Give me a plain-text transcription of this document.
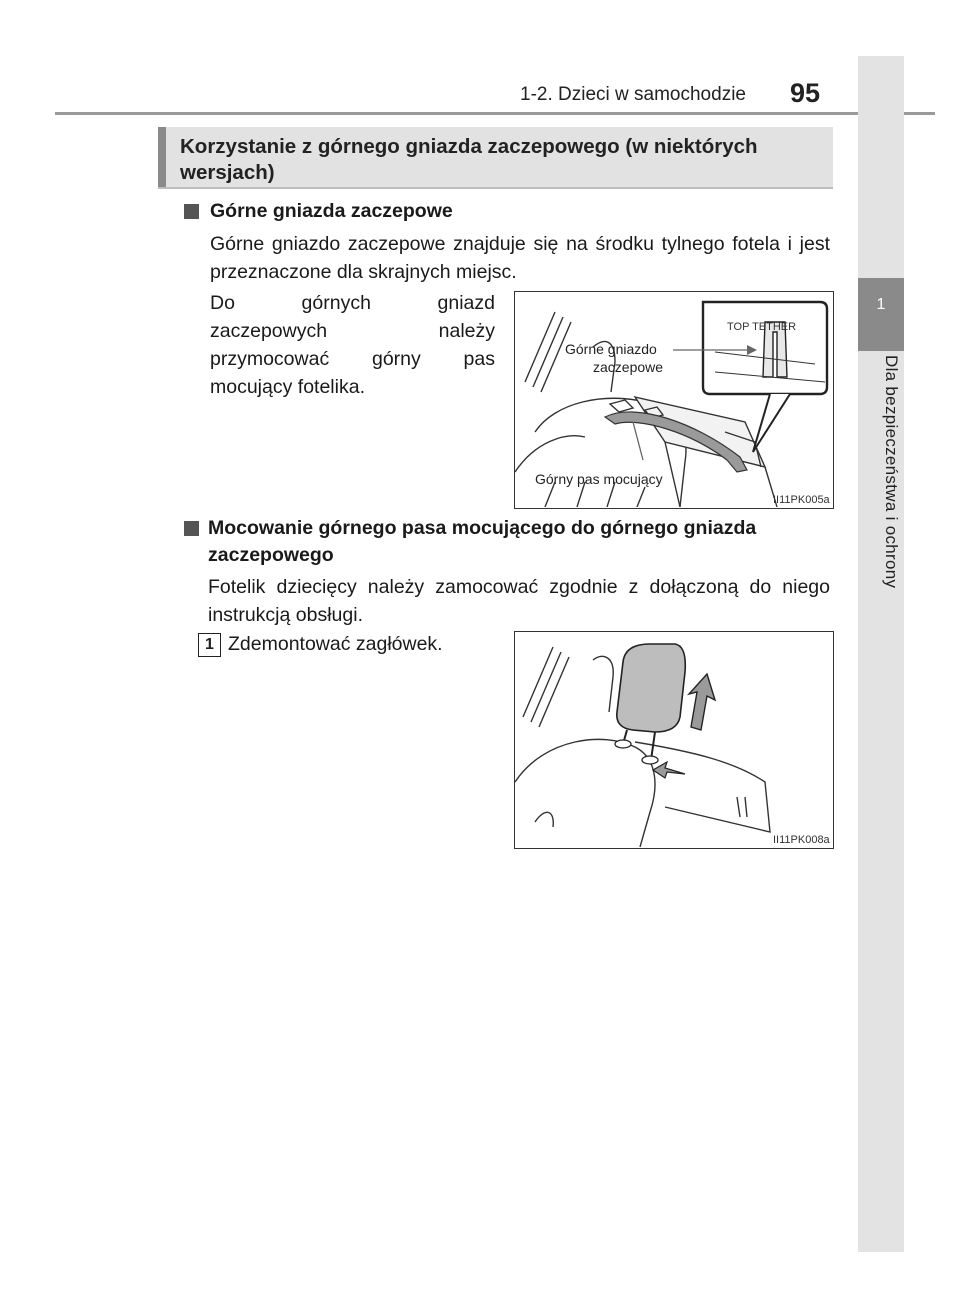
1-2. Dzieci w samochodzie 95
1
Dla bezpieczeństwa i ochrony
Korzystanie z górnego gniazda zaczepowego (w niektórych wersjach)
Górne gniazda zaczepowe
Górne gniazdo zaczepowe znajduje się na środku tylnego fotela i jest przeznaczone dla skrajnych miejsc.
Do górnych gniazd zaczepowych należy przymocować górny pas mocujący fotelika.
TOP TETHER
Górne gniazdo
zaczepowe
Górny pas mocujący
II11PK005a
Mocowanie górnego pasa mocującego do górnego gniazda zaczepowego
Fotelik dziecięcy należy zamocować zgodnie z dołączoną do niego instrukcją obsługi.
1 Zdemontować zagłówek.
II11PK008a
